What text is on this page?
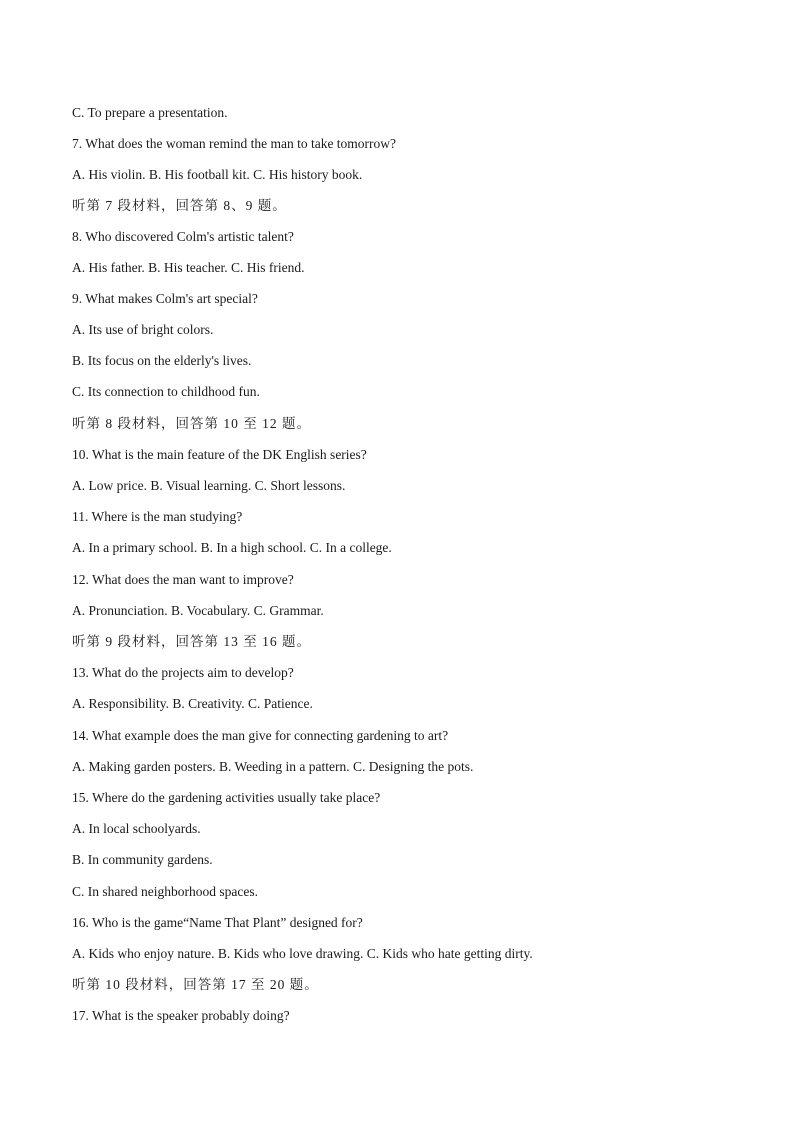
C. To prepare a presentation.
7. What does the woman remind the man to take tomorrow?
A. His violin. B. His football kit. C. His history book.
听第 7 段材料，回答第 8、9 题。
8. Who discovered Colm's artistic talent?
A. His father. B. His teacher. C. His friend.
9. What makes Colm's art special?
A. Its use of bright colors.
B. Its focus on the elderly's lives.
C. Its connection to childhood fun.
听第 8 段材料，回答第 10 至 12 题。
10. What is the main feature of the DK English series?
A. Low price. B. Visual learning. C. Short lessons.
11. Where is the man studying?
A. In a primary school. B. In a high school. C. In a college.
12. What does the man want to improve?
A. Pronunciation. B. Vocabulary. C. Grammar.
听第 9 段材料，回答第 13 至 16 题。
13. What do the projects aim to develop?
A. Responsibility. B. Creativity. C. Patience.
14. What example does the man give for connecting gardening to art?
A. Making garden posters. B. Weeding in a pattern. C. Designing the pots.
15. Where do the gardening activities usually take place?
A. In local schoolyards.
B. In community gardens.
C. In shared neighborhood spaces.
16. Who is the game“Name That Plant” designed for?
A. Kids who enjoy nature. B. Kids who love drawing. C. Kids who hate getting dirty.
听第 10 段材料，回答第 17 至 20 题。
17. What is the speaker probably doing?
